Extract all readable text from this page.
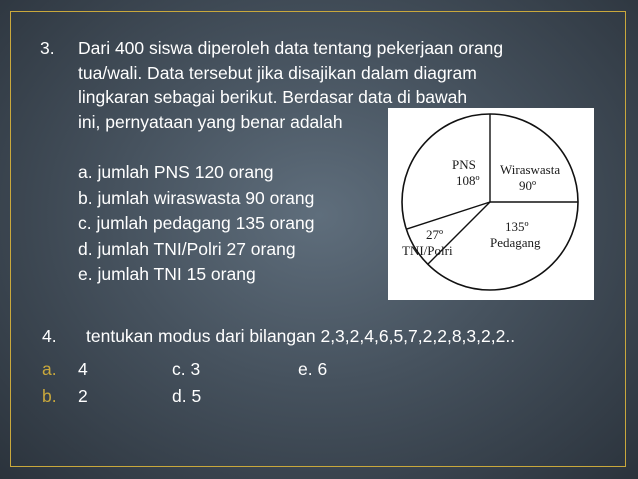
3. Dari 400 siswa diperoleh data tentang pekerjaan orang
tua/wali. Data tersebut jika disajikan dalam diagram
lingkaran sebagai berikut. Berdasar data di bawah
ini, pernyataan yang benar adalah
a. jumlah PNS 120 orang
b. jumlah wiraswasta 90 orang
c. jumlah pedagang 135 orang
d. jumlah TNI/Polri 27 orang
e. jumlah TNI 15 orang
PNS
108º
Wiraswasta
90º
135º
Pedagang
27º
TNI/Polri
4. tentukan modus dari bilangan 2,3,2,4,6,5,7,2,2,8,3,2,2..
a. 4	c. 3	e. 6
b. 2	d. 5
